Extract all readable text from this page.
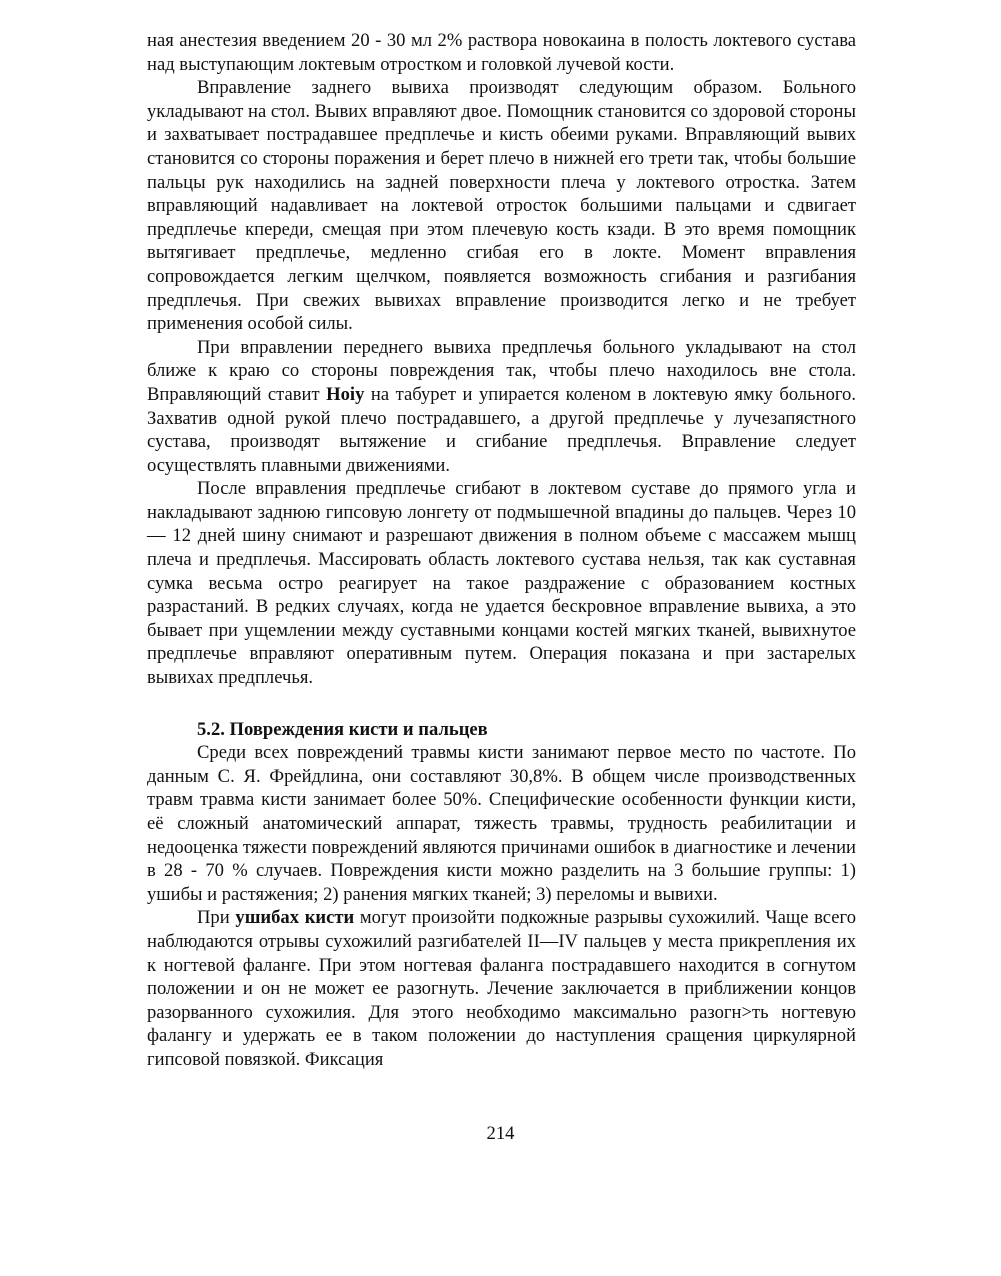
ная анестезия введением 20 - 30 мл 2% раствора новокаина в полость локтевого сустава над выступающим локтевым отростком и головкой лучевой кости.

Вправление заднего вывиха производят следующим образом. Больного укладывают на стол. Вывих вправляют двое. Помощник становится со здоровой стороны и захватывает пострадавшее предплечье и кисть обеими руками. Вправляющий вывих становится со стороны поражения и берет плечо в нижней его трети так, чтобы большие пальцы рук находились на задней поверхности плеча у локтевого отростка. Затем вправляющий надавливает на локтевой отросток большими пальцами и сдвигает предплечье кпереди, смещая при этом плечевую кость кзади. В это время помощник вытягивает предплечье, медленно сгибая его в локте. Момент вправления сопровождается легким щелчком, появляется возможность сгибания и разгибания предплечья. При свежих вывихах вправление производится легко и не требует применения особой силы.

При вправлении переднего вывиха предплечья больного укладывают на стол ближе к краю со стороны повреждения так, чтобы плечо находилось вне стола. Вправляющий ставит Hoiy на табурет и упирается коленом в локтевую ямку больного. Захватив одной рукой плечо пострадавшего, а другой предплечье у лучезапястного сустава, производят вытяжение и сгибание предплечья. Вправление следует осуществлять плавными движениями.

После вправления предплечье сгибают в локтевом суставе до прямого угла и накладывают заднюю гипсовую лонгету от подмышечной впадины до пальцев. Через 10— 12 дней шину снимают и разрешают движения в полном объеме с массажем мышц плеча и предплечья. Массировать область локтевого сустава нельзя, так как суставная сумка весьма остро реагирует на такое раздражение с образованием костных разрастаний. В редких случаях, когда не удается бескровное вправление вывиха, а это бывает при ущемлении между суставными концами костей мягких тканей, вывихнутое предплечье вправляют оперативным путем. Операция показана и при застарелых вывихах предплечья.

5.2. Повреждения кисти и пальцев

Среди всех повреждений травмы кисти занимают первое место по частоте. По данным С. Я. Фрейдлина, они составляют 30,8%. В общем числе производственных травм травма кисти занимает более 50%. Специфические особенности функции кисти, её сложный анатомический аппарат, тяжесть травмы, трудность реабилитации и недооценка тяжести повреждений являются причинами ошибок в диагностике и лечении в 28 - 70 % случаев. Повреждения кисти можно разделить на 3 большие группы: 1) ушибы и растяжения; 2) ранения мягких тканей; 3) переломы и вывихи.

При ушибах кисти могут произойти подкожные разрывы сухожилий. Чаще всего наблюдаются отрывы сухожилий разгибателей II—IV пальцев у места прикрепления их к ногтевой фаланге. При этом ногтевая фаланга пострадавшего находится в согнутом положении и он не может ее разогнуть. Лечение заключается в приближении концов разорванного сухожилия. Для этого необходимо максимально разогн>ть ногтевую фалангу и удержать ее в таком положении до наступления сращения циркулярной гипсовой повязкой. Фиксация

214
